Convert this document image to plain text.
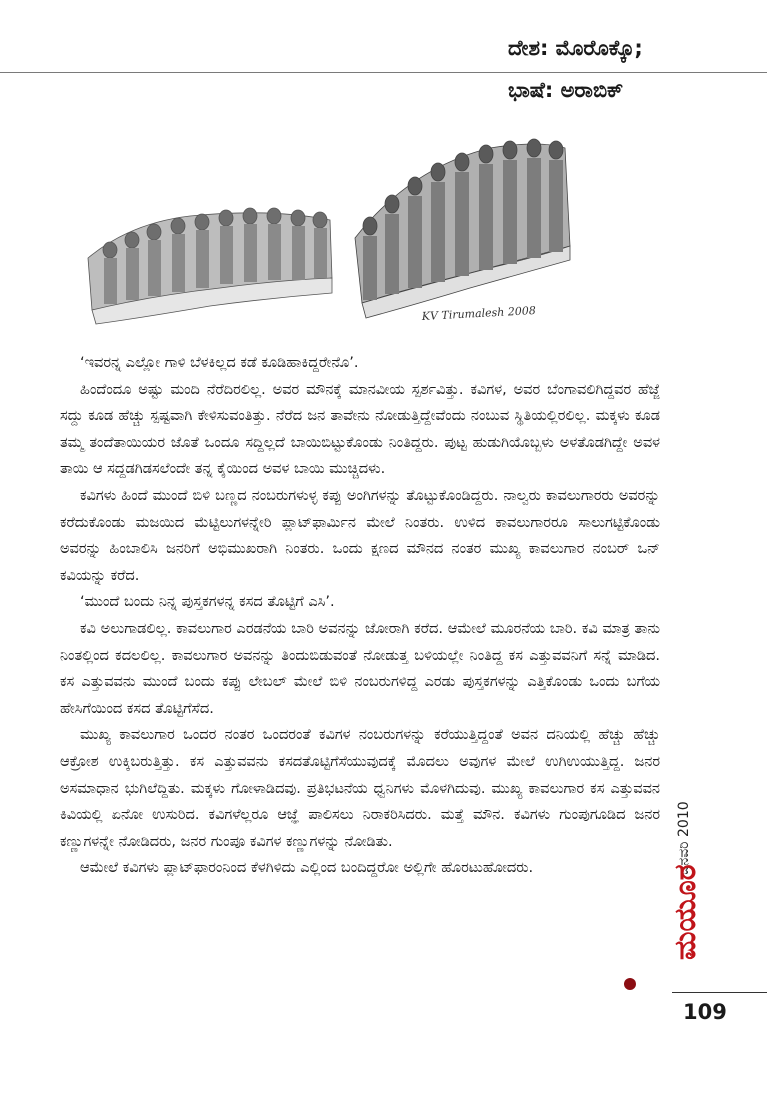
ದೇಶ: ಮೊರೊಕ್ಕೊ;
ಭಾಷೆ: ಅರಾಬಿಕ್
KV Tirumalesh 2008

‘ಇವರನ್ನ ಎಲ್ಲೋ ಗಾಳಿ ಬೆಳಕಿಲ್ಲದ ಕಡೆ ಕೂಡಿಹಾಕಿದ್ದರೇನೊ’.

ಹಿಂದೆಂದೂ ಅಷ್ಟು ಮಂದಿ ನೆರೆದಿರಲಿಲ್ಲ. ಅವರ ಮೌನಕ್ಕೆ ಮಾನವೀಯ ಸ್ಪರ್ಶವಿತ್ತು. ಕವಿಗಳ, ಅವರ ಬೆಂಗಾವಲಿಗಿದ್ದವರ ಹೆಜ್ಜೆ ಸದ್ದು ಕೂಡ ಹೆಚ್ಚು ಸ್ಪಷ್ಟವಾಗಿ ಕೇಳಿಸುವಂತಿತ್ತು. ನೆರೆದ ಜನ ತಾವೇನು ನೋಡುತ್ತಿದ್ದೇವೆಂದು ನಂಬುವ ಸ್ಥಿತಿಯಲ್ಲಿರಲಿಲ್ಲ. ಮಕ್ಕಳು ಕೂಡ ತಮ್ಮ ತಂದೆತಾಯಿಯರ ಜೊತೆ ಒಂದೂ ಸದ್ದಿಲ್ಲದೆ ಬಾಯಿಬಿಟ್ಟುಕೊಂಡು ನಿಂತಿದ್ದರು. ಪುಟ್ಟ ಹುಡುಗಿಯೊಬ್ಬಳು ಅಳತೊಡಗಿದ್ದೇ ಅವಳ ತಾಯಿ ಆ ಸದ್ದಡಗಿಡಸಲೆಂದೇ ತನ್ನ ಕೈಯಿಂದ ಅವಳ ಬಾಯಿ ಮುಚ್ಚಿದಳು.

ಕವಿಗಳು ಹಿಂದೆ ಮುಂದೆ ಬಿಳಿ ಬಣ್ಣದ ನಂಬರುಗಳುಳ್ಳ ಕಪ್ಪು ಅಂಗಿಗಳನ್ನು ತೊಟ್ಟುಕೊಂಡಿದ್ದರು. ನಾಲ್ವರು ಕಾವಲುಗಾರರು ಅವರನ್ನು ಕರೆದುಕೊಂಡು ಮಜಯಿದ ಮೆಟ್ಟಿಲುಗಳನ್ನೇರಿ ಪ್ಲಾಟ್‌ಫಾರ್ಮಿನ ಮೇಲೆ ನಿಂತರು. ಉಳಿದ ಕಾವಲುಗಾರರೂ ಸಾಲುಗಟ್ಟಿಕೊಂಡು ಅವರನ್ನು ಹಿಂಬಾಲಿಸಿ ಜನರಿಗೆ ಅಭಿಮುಖರಾಗಿ ನಿಂತರು. ಒಂದು ಕ್ಷಣದ ಮೌನದ ನಂತರ ಮುಖ್ಯ ಕಾವಲುಗಾರ ನಂಬರ್ ಒನ್ ಕವಿಯನ್ನು ಕರೆದ.

‘ಮುಂದೆ ಬಂದು ನಿನ್ನ ಪುಸ್ತಕಗಳನ್ನ ಕಸದ ತೊಟ್ಟಿಗೆ ಎಸಿ’.

ಕವಿ ಅಲುಗಾಡಲಿಲ್ಲ. ಕಾವಲುಗಾರ ಎರಡನೆಯ ಬಾರಿ ಅವನನ್ನು ಜೋರಾಗಿ ಕರೆದ. ಆಮೇಲೆ ಮೂರನೆಯ ಬಾರಿ. ಕವಿ ಮಾತ್ರ ತಾನು ನಿಂತಲ್ಲಿಂದ ಕದಲಲಿಲ್ಲ. ಕಾವಲುಗಾರ ಅವನನ್ನು ತಿಂದುಬಿಡುವಂತೆ ನೋಡುತ್ತ ಬಳಿಯಲ್ಲೇ ನಿಂತಿದ್ದ ಕಸ ಎತ್ತುವವನಿಗೆ ಸನ್ನೆ ಮಾಡಿದ. ಕಸ ಎತ್ತುವವನು ಮುಂದೆ ಬಂದು ಕಪ್ಪು ಲೇಬಲ್ ಮೇಲೆ ಬಿಳಿ ನಂಬರುಗಳಿದ್ದ ಎರಡು ಪುಸ್ತಕಗಳನ್ನು ಎತ್ತಿಕೊಂಡು ಒಂದು ಬಗೆಯ ಹೇಸಿಗೆಯಿಂದ ಕಸದ ತೊಟ್ಟಿಗೆಸೆದ.

ಮುಖ್ಯ ಕಾವಲುಗಾರ ಒಂದರ ನಂತರ ಒಂದರಂತೆ ಕವಿಗಳ ನಂಬರುಗಳನ್ನು ಕರೆಯುತ್ತಿದ್ದಂತೆ ಅವನ ದನಿಯಲ್ಲಿ ಹೆಚ್ಚು ಹೆಚ್ಚು ಆಕ್ರೋಶ ಉಕ್ಕಿಬರುತ್ತಿತ್ತು. ಕಸ ಎತ್ತುವವನು ಕಸದತೊಟ್ಟಿಗೆಸೆಯುವುದಕ್ಕೆ ಮೊದಲು ಅವುಗಳ ಮೇಲೆ ಉಗಿಉಯುತ್ತಿದ್ದ. ಜನರ ಅಸಮಾಧಾನ ಭುಗಿಲೆದ್ದಿತು. ಮಕ್ಕಳು ಗೋಳಾಡಿದವು. ಪ್ರತಿಭಟನೆಯ ಧ್ವನಿಗಳು ಮೊಳಗಿದುವು. ಮುಖ್ಯ ಕಾವಲುಗಾರ ಕಸ ಎತ್ತುವವನ ಕಿವಿಯಲ್ಲಿ ಏನೋ ಉಸುರಿದ. ಕವಿಗಳೆಲ್ಲರೂ ಆಜ್ಞೆ ಪಾಲಿಸಲು ನಿರಾಕರಿಸಿದರು. ಮತ್ತೆ ಮೌನ. ಕವಿಗಳು ಗುಂಪುಗೂಡಿದ ಜನರ ಕಣ್ಣುಗಳನ್ನೇ ನೋಡಿದರು, ಜನರ ಗುಂಪೂ ಕವಿಗಳ ಕಣ್ಣುಗಳನ್ನು ನೋಡಿತು.

ಆಮೇಲೆ ಕವಿಗಳು ಪ್ಲಾಟ್‌ಫಾರಂನಿಂದ ಕೆಳಗಿಳಿದು ಎಲ್ಲಿಂದ ಬಂದಿದ್ದರೋ ಅಲ್ಲಿಗೇ ಹೊರಟುಹೋದರು.	ಜನವರಿ 2010
ಮಯೂರ
109
